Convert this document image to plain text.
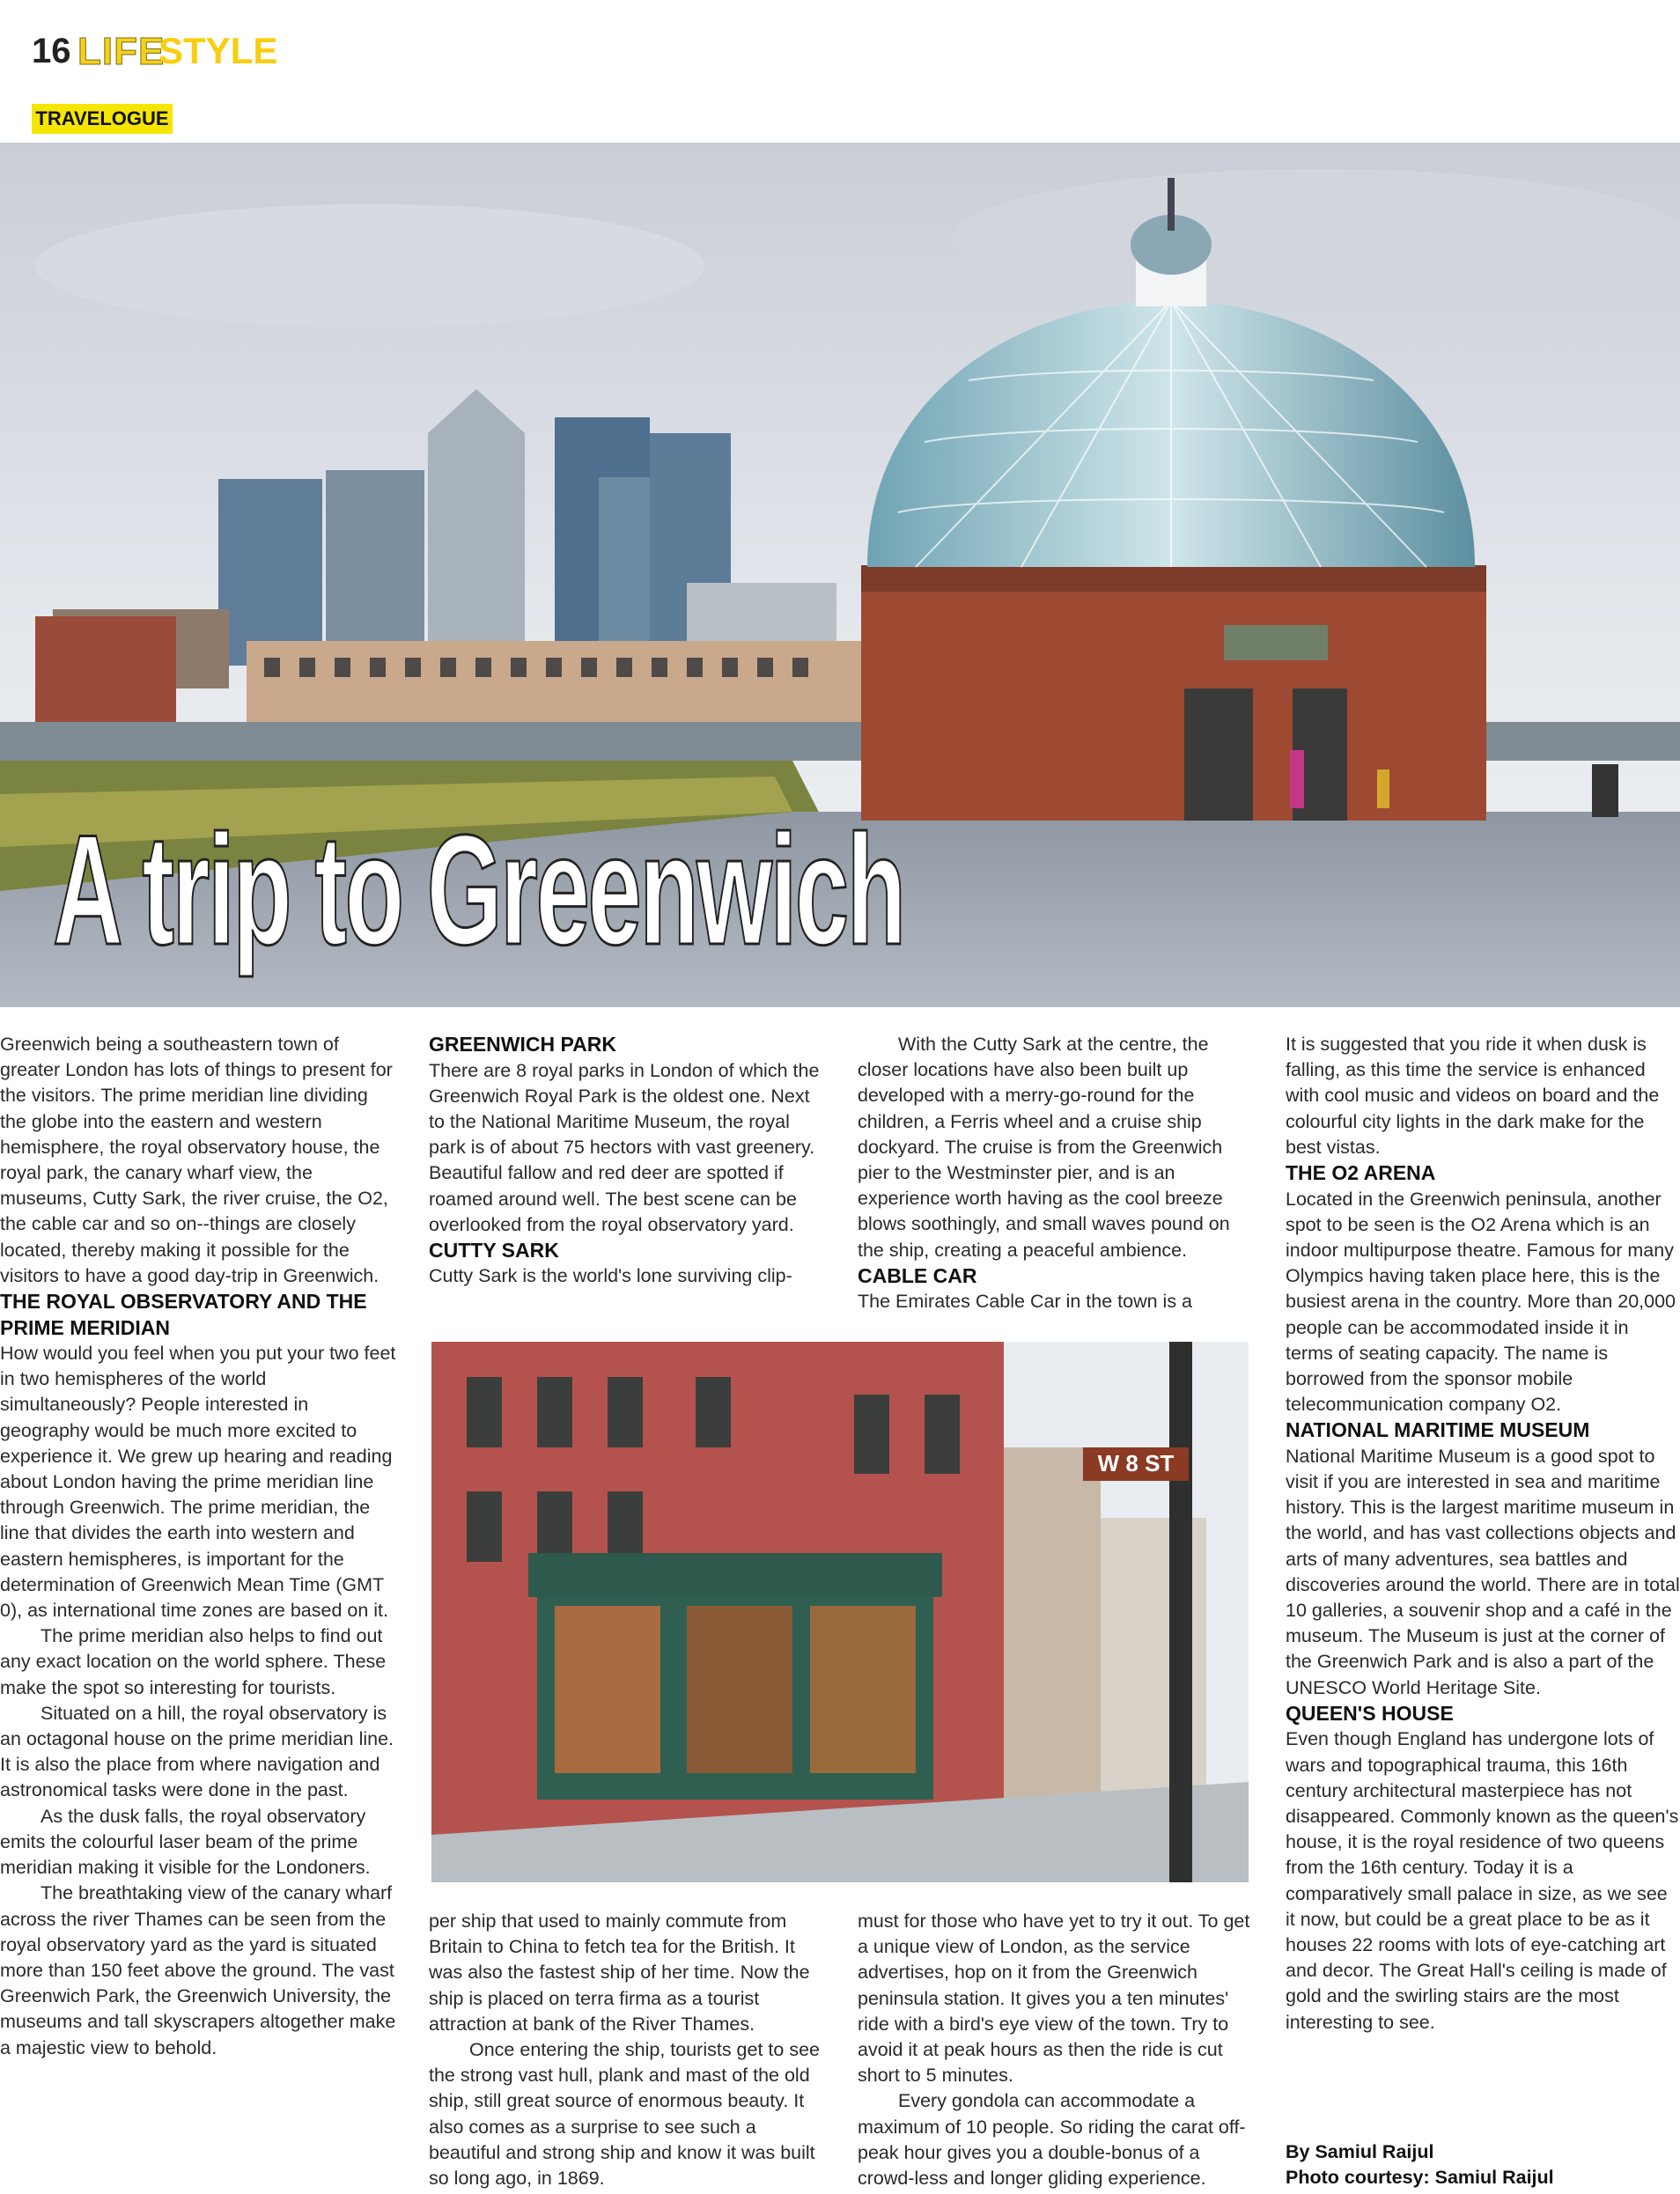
16 LIFE
STYLE
TRAVELOGUE
A trip to Greenwich

Greenwich being a southeastern town of greater London has lots of things to present for the visitors. The prime meridian line dividing the globe into the eastern and western hemisphere, the royal observatory house, the royal park, the canary wharf view, the museums, Cutty Sark, the river cruise, the O2, the cable car and so on--things are closely located, thereby making it possible for the visitors to have a good day-trip in Greenwich.

THE ROYAL OBSERVATORY AND THE PRIME MERIDIAN

How would you feel when you put your two feet in two hemispheres of the world simultaneously? People interested in geography would be much more excited to experience it. We grew up hearing and reading about London having the prime meridian line through Greenwich. The prime meridian, the line that divides the earth into western and eastern hemispheres, is important for the determination of Greenwich Mean Time (GMT 0), as international time zones are based on it.

The prime meridian also helps to find out any exact location on the world sphere. These make the spot so interesting for tourists.

Situated on a hill, the royal observatory is an octagonal house on the prime meridian line. It is also the place from where navigation and astronomical tasks were done in the past.

As the dusk falls, the royal observatory emits the colourful laser beam of the prime meridian making it visible for the Londoners.

The breathtaking view of the canary wharf across the river Thames can be seen from the royal observatory yard as the yard is situated more than 150 feet above the ground. The vast Greenwich Park, the Greenwich University, the museums and tall skyscrapers altogether make a majestic view to behold.

GREENWICH PARK

There are 8 royal parks in London of which the Greenwich Royal Park is the oldest one. Next to the National Maritime Museum, the royal park is of about 75 hectors with vast greenery. Beautiful fallow and red deer are spotted if roamed around well. The best scene can be overlooked from the royal observatory yard.

CUTTY SARK

Cutty Sark is the world's lone surviving clip-

With the Cutty Sark at the centre, the closer locations have also been built up developed with a merry-go-round for the children, a Ferris wheel and a cruise ship dockyard. The cruise is from the Greenwich pier to the Westminster pier, and is an experience worth having as the cool breeze blows soothingly, and small waves pound on the ship, creating a peaceful ambience.

CABLE CAR

The Emirates Cable Car in the town is a

W 8 ST

per ship that used to mainly commute from Britain to China to fetch tea for the British. It was also the fastest ship of her time. Now the ship is placed on terra firma as a tourist attraction at bank of the River Thames.

Once entering the ship, tourists get to see the strong vast hull, plank and mast of the old ship, still great source of enormous beauty. It also comes as a surprise to see such a beautiful and strong ship and know it was built so long ago, in 1869.

must for those who have yet to try it out. To get a unique view of London, as the service advertises, hop on it from the Greenwich peninsula station. It gives you a ten minutes' ride with a bird's eye view of the town. Try to avoid it at peak hours as then the ride is cut short to 5 minutes.

Every gondola can accommodate a maximum of 10 people. So riding the carat off-peak hour gives you a double-bonus of a crowd-less and longer gliding experience.

It is suggested that you ride it when dusk is falling, as this time the service is enhanced with cool music and videos on board and the colourful city lights in the dark make for the best vistas.

THE O2 ARENA

Located in the Greenwich peninsula, another spot to be seen is the O2 Arena which is an indoor multipurpose theatre. Famous for many Olympics having taken place here, this is the busiest arena in the country. More than 20,000 people can be accommodated inside it in terms of seating capacity. The name is borrowed from the sponsor mobile telecommunication company O2.

NATIONAL MARITIME MUSEUM

National Maritime Museum is a good spot to visit if you are interested in sea and maritime history. This is the largest maritime museum in the world, and has vast collections objects and arts of many adventures, sea battles and discoveries around the world. There are in total 10 galleries, a souvenir shop and a café in the museum. The Museum is just at the corner of the Greenwich Park and is also a part of the UNESCO World Heritage Site.

QUEEN'S HOUSE

Even though England has undergone lots of wars and topographical trauma, this 16th century architectural masterpiece has not disappeared. Commonly known as the queen's house, it is the royal residence of two queens from the 16th century. Today it is a comparatively small palace in size, as we see it now, but could be a great place to be as it houses 22 rooms with lots of eye-catching art and decor. The Great Hall's ceiling is made of gold and the swirling stairs are the most interesting to see.

By Samiul Raijul
Photo courtesy: Samiul Raijul
